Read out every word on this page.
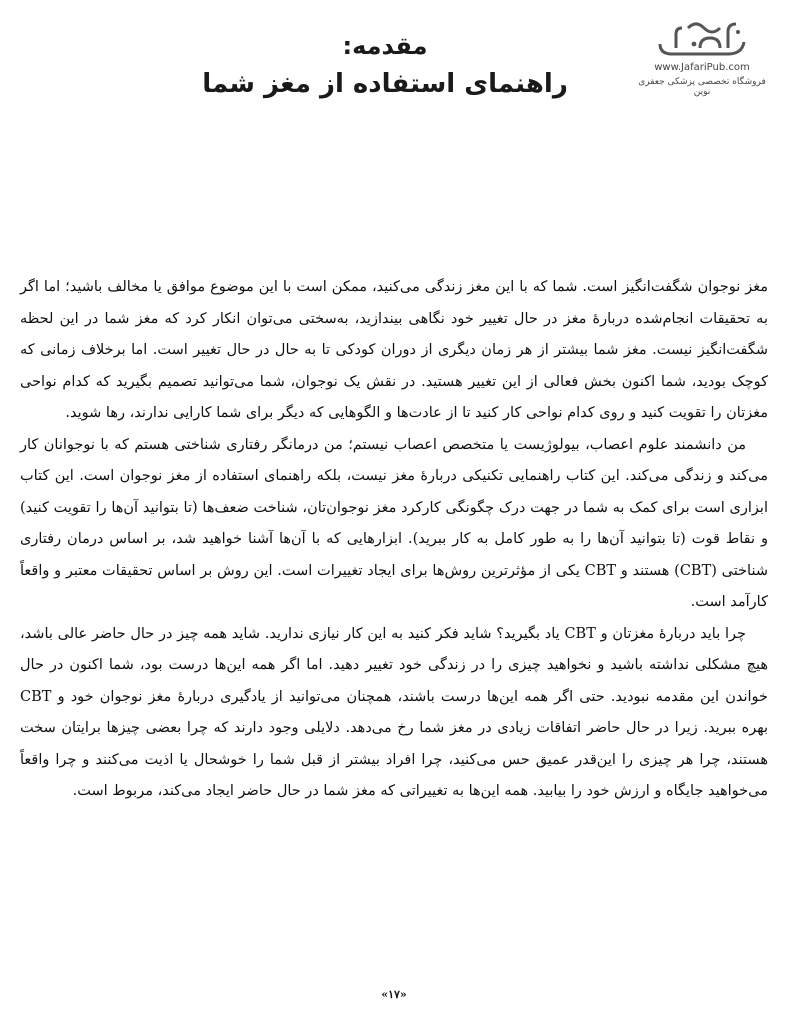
www.JafariPub.com
فروشگاه تخصصی پزشکی جعفری نوین
مقدمه:
راهنمای استفاده از مغز شما

مغز نوجوان شگفت‌انگیز است. شما که با این مغز زندگی می‌کنید، ممکن است با این موضوع موافق یا مخالف باشید؛ اما اگر به تحقیقات انجام‌شده دربارهٔ مغز در حال تغییر خود نگاهی بیندازید، به‌سختی می‌توان انکار کرد که مغز شما در این لحظه شگفت‌انگیز نیست. مغز شما بیشتر از هر زمان دیگری از دوران کودکی تا به حال در حال تغییر است. اما برخلاف زمانی که کوچک بودید، شما اکنون بخش فعالی از این تغییر هستید. در نقش یک نوجوان، شما می‌توانید تصمیم بگیرید که کدام نواحی مغزتان را تقویت کنید و روی کدام نواحی کار کنید تا از عادت‌ها و الگوهایی که دیگر برای شما کارایی ندارند، رها شوید.

من دانشمند علوم اعصاب، بیولوژیست یا متخصص اعصاب نیستم؛ من درمانگر رفتاری شناختی هستم که با نوجوانان کار می‌کند و زندگی می‌کند. این کتاب راهنمایی تکنیکی دربارهٔ مغز نیست، بلکه راهنمای استفاده از مغز نوجوان است. این کتاب ابزاری است برای کمک به شما در جهت درک چگونگی کارکرد مغز نوجوان‌تان، شناخت ضعف‌ها (تا بتوانید آن‌ها را تقویت کنید) و نقاط قوت (تا بتوانید آن‌ها را به طور کامل به کار ببرید). ابزارهایی که با آن‌ها آشنا خواهید شد، بر اساس درمان رفتاری شناختی (CBT) هستند و CBT یکی از مؤثرترین روش‌ها برای ایجاد تغییرات است. این روش بر اساس تحقیقات معتبر و واقعاً کارآمد است.

چرا باید دربارهٔ مغزتان و CBT یاد بگیرید؟ شاید فکر کنید به این کار نیازی ندارید. شاید همه چیز در حال حاضر عالی باشد، هیچ مشکلی نداشته باشید و نخواهید چیزی را در زندگی خود تغییر دهید. اما اگر همه این‌ها درست بود، شما اکنون در حال خواندن این مقدمه نبودید. حتی اگر همه این‌ها درست باشند، همچنان می‌توانید از یادگیری دربارهٔ مغز نوجوان خود و CBT بهره ببرید. زیرا در حال حاضر اتفاقات زیادی در مغز شما رخ می‌دهد. دلایلی وجود دارند که چرا بعضی چیزها برایتان سخت هستند، چرا هر چیزی را این‌قدر عمیق حس می‌کنید، چرا افراد بیشتر از قبل شما را خوشحال یا اذیت می‌کنند و چرا واقعاً می‌خواهید جایگاه و ارزش خود را بیابید. همه این‌ها به تغییراتی که مغز شما در حال حاضر ایجاد می‌کند، مربوط است.

«۱۷»
